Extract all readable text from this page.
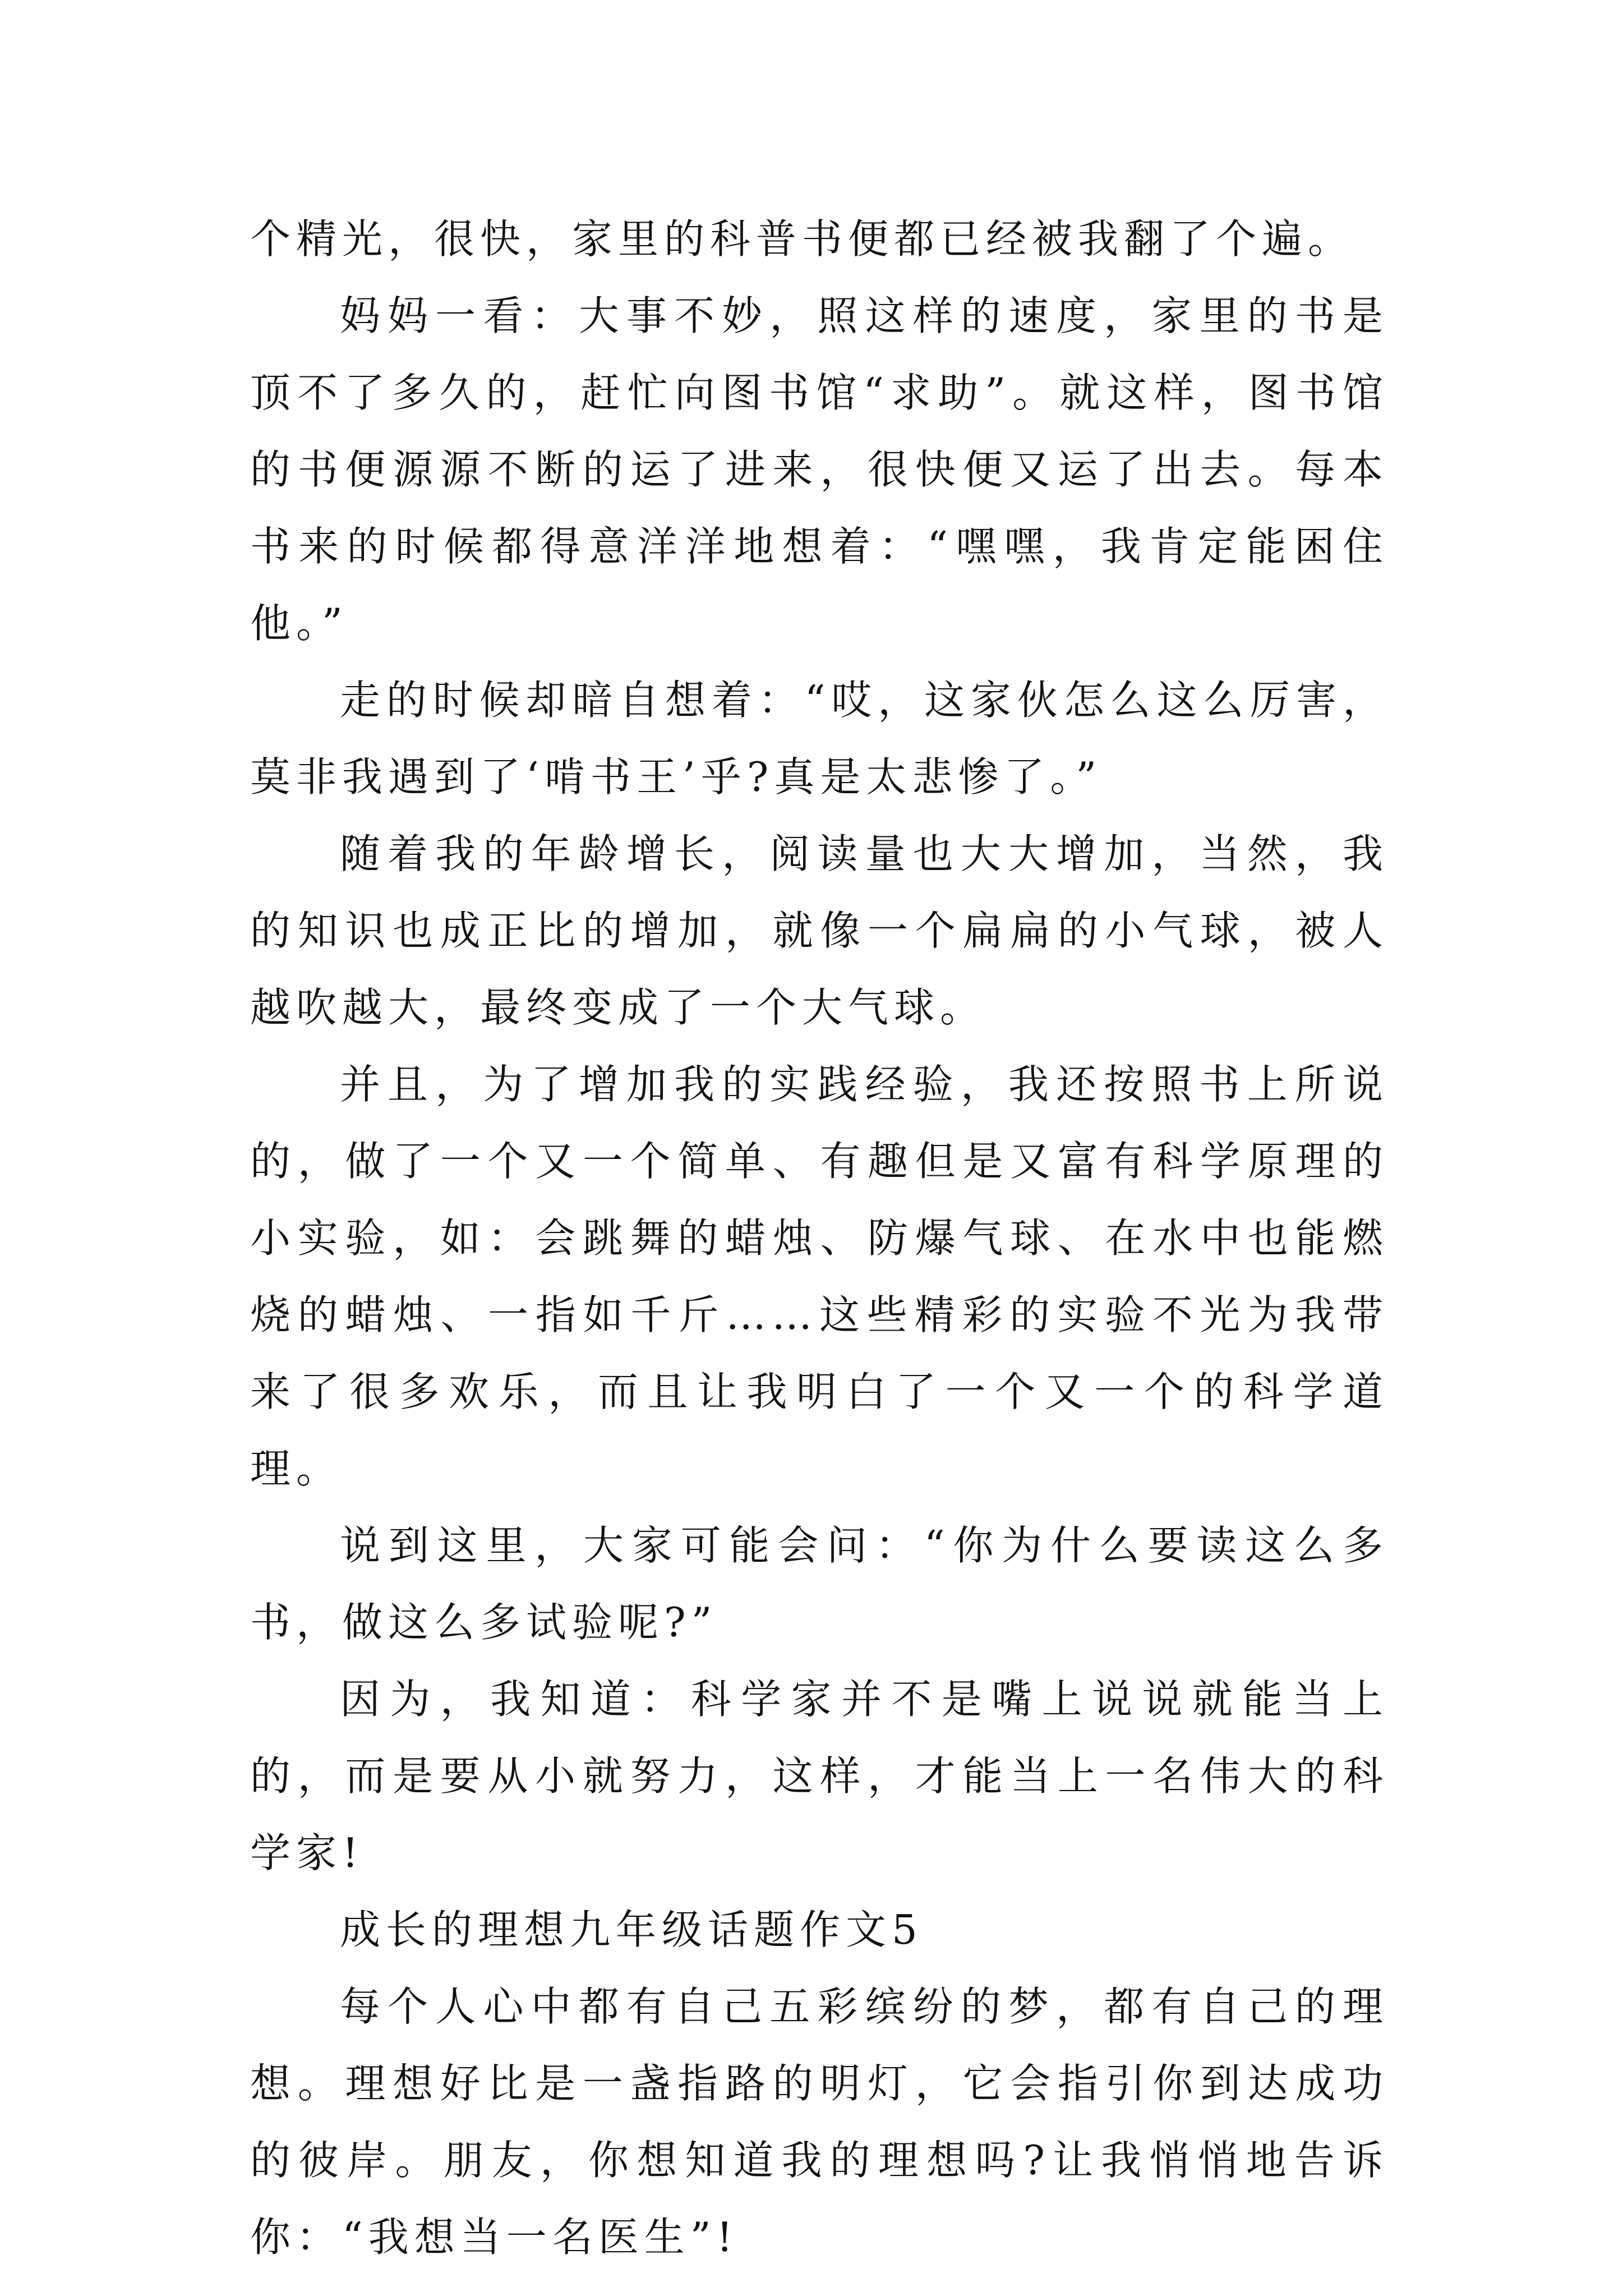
个精光，很快，家里的科普书便都已经被我翻了个遍。

妈妈一看：大事不妙，照这样的速度，家里的书是顶不了多久的，赶忙向图书馆“求助”。就这样，图书馆的书便源源不断的运了进来，很快便又运了出去。每本书来的时候都得意洋洋地想着：“嘿嘿，我肯定能困住他。”

走的时候却暗自想着：“哎，这家伙怎么这么厉害，莫非我遇到了‘啃书王’乎?真是太悲惨了。”

随着我的年龄增长，阅读量也大大增加，当然，我的知识也成正比的增加，就像一个扁扁的小气球，被人越吹越大，最终变成了一个大气球。

并且，为了增加我的实践经验，我还按照书上所说的，做了一个又一个简单、有趣但是又富有科学原理的小实验，如：会跳舞的蜡烛、防爆气球、在水中也能燃烧的蜡烛、一指如千斤……这些精彩的实验不光为我带来了很多欢乐，而且让我明白了一个又一个的科学道理。

说到这里，大家可能会问：“你为什么要读这么多书，做这么多试验呢?”

因为，我知道：科学家并不是嘴上说说就能当上的，而是要从小就努力，这样，才能当上一名伟大的科学家!

成长的理想九年级话题作文5

每个人心中都有自己五彩缤纷的梦，都有自己的理想。理想好比是一盏指路的明灯，它会指引你到达成功的彼岸。朋友，你想知道我的理想吗?让我悄悄地告诉你：“我想当一名医生”!
